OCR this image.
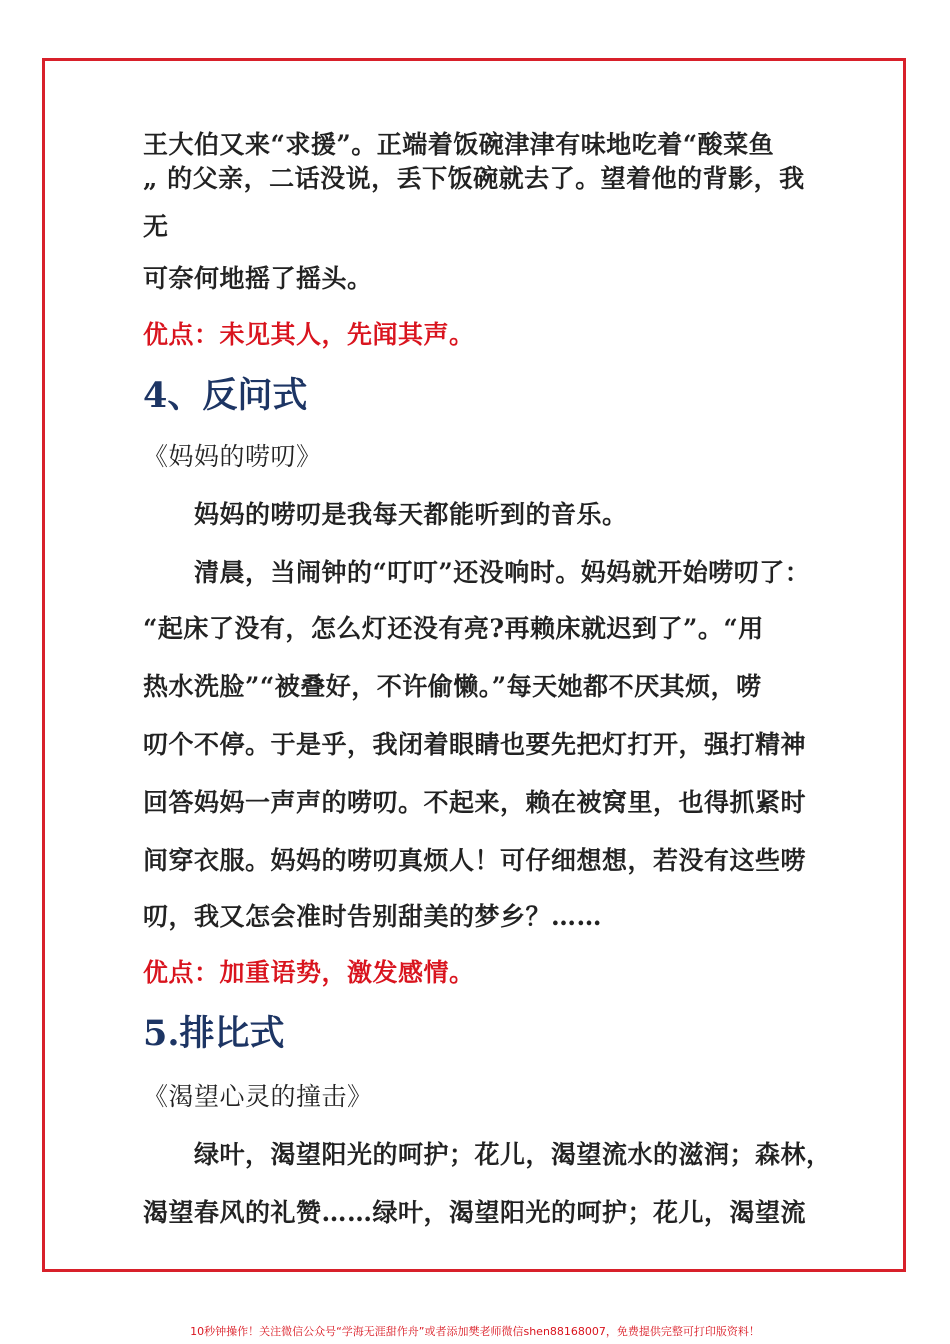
王大伯又来“求援”。正端着饭碗津津有味地吃着“酸菜鱼
„ 的父亲，二话没说，丢下饭碗就去了。望着他的背影，我
无
可奈何地摇了摇头。
优点：未见其人，先闻其声。
4、反问式
《妈妈的唠叨》
妈妈的唠叨是我每天都能听到的音乐。
清晨，当闹钟的“叮叮”还没响时。妈妈就开始唠叨了：
“起床了没有，怎么灯还没有亮?再赖床就迟到了”。“用
热水洗脸”“被叠好，不许偷懒。”每天她都不厌其烦，唠
叨个不停。于是乎，我闭着眼睛也要先把灯打开，强打精神
回答妈妈一声声的唠叨。不起来，赖在被窝里，也得抓紧时
间穿衣服。妈妈的唠叨真烦人！可仔细想想，若没有这些唠
叨，我又怎会准时告别甜美的梦乡？……
优点：加重语势，激发感情。
5.排比式
《渴望心灵的撞击》
绿叶，渴望阳光的呵护；花儿，渴望流水的滋润；森林，
渴望春风的礼赞……绿叶，渴望阳光的呵护；花儿，渴望流
10秒钟操作！关注微信公众号“学海无涯甜作舟”或者添加樊老师微信shen88168007，免费提供完整可打印版资料！
